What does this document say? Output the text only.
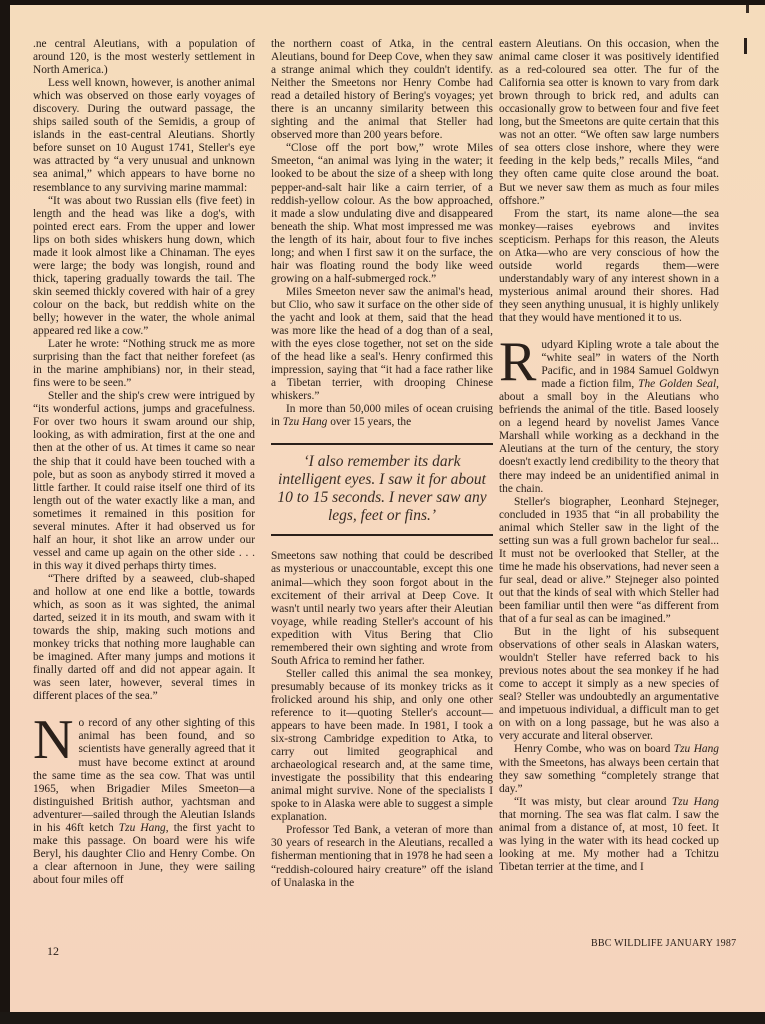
.ne central Aleutians, with a population of around 120, is the most westerly settlement in North America.)

Less well known, however, is another animal which was observed on those early voyages of discovery. During the outward passage, the ships sailed south of the Semidis, a group of islands in the east-central Aleutians. Shortly before sunset on 10 August 1741, Steller's eye was attracted by “a very unusual and unknown sea animal,” which appears to have borne no resemblance to any surviving marine mammal:

“It was about two Russian ells (five feet) in length and the head was like a dog's, with pointed erect ears. From the upper and lower lips on both sides whiskers hung down, which made it look almost like a Chinaman. The eyes were large; the body was longish, round and thick, tapering gradually towards the tail. The skin seemed thickly covered with hair of a grey colour on the back, but reddish white on the belly; however in the water, the whole animal appeared red like a cow.”

Later he wrote: “Nothing struck me as more surprising than the fact that neither forefeet (as in the marine amphibians) nor, in their stead, fins were to be seen.”

Steller and the ship's crew were intrigued by “its wonderful actions, jumps and gracefulness. For over two hours it swam around our ship, looking, as with admiration, first at the one and then at the other of us. At times it came so near the ship that it could have been touched with a pole, but as soon as anybody stirred it moved a little farther. It could raise itself one third of its length out of the water exactly like a man, and sometimes it remained in this position for several minutes. After it had observed us for half an hour, it shot like an arrow under our vessel and came up again on the other side . . . in this way it dived perhaps thirty times.

“There drifted by a seaweed, club-shaped and hollow at one end like a bottle, towards which, as soon as it was sighted, the animal darted, seized it in its mouth, and swam with it towards the ship, making such motions and monkey tricks that nothing more laughable can be imagined. After many jumps and motions it finally darted off and did not appear again. It was seen later, however, several times in different places of the sea.”

No record of any other sighting of this animal has been found, and so scientists have generally agreed that it must have become extinct at around the same time as the sea cow. That was until 1965, when Brigadier Miles Smeeton—a distinguished British author, yachtsman and adventurer—sailed through the Aleutian Islands in his 46ft ketch Tzu Hang, the first yacht to make this passage. On board were his wife Beryl, his daughter Clio and Henry Combe. On a clear afternoon in June, they were sailing about four miles off

the northern coast of Atka, in the central Aleutians, bound for Deep Cove, when they saw a strange animal which they couldn't identify. Neither the Smeetons nor Henry Combe had read a detailed history of Bering's voyages; yet there is an uncanny similarity between this sighting and the animal that Steller had observed more than 200 years before.

“Close off the port bow,” wrote Miles Smeeton, “an animal was lying in the water; it looked to be about the size of a sheep with long pepper-and-salt hair like a cairn terrier, of a reddish-yellow colour. As the bow approached, it made a slow undulating dive and disappeared beneath the ship. What most impressed me was the length of its hair, about four to five inches long; and when I first saw it on the surface, the hair was floating round the body like weed growing on a half-submerged rock.”

Miles Smeeton never saw the animal's head, but Clio, who saw it surface on the other side of the yacht and look at them, said that the head was more like the head of a dog than of a seal, with the eyes close together, not set on the side of the head like a seal's. Henry confirmed this impression, saying that “it had a face rather like a Tibetan terrier, with drooping Chinese whiskers.”

In more than 50,000 miles of ocean cruising in Tzu Hang over 15 years, the

‘I also remember its dark intelligent eyes. I saw it for about 10 to 15 seconds. I never saw any legs, feet or fins.’

Smeetons saw nothing that could be described as mysterious or unaccountable, except this one animal—which they soon forgot about in the excitement of their arrival at Deep Cove. It wasn't until nearly two years after their Aleutian voyage, while reading Steller's account of his expedition with Vitus Bering that Clio remembered their own sighting and wrote from South Africa to remind her father.

Steller called this animal the sea monkey, presumably because of its monkey tricks as it frolicked around his ship, and only one other reference to it—quoting Steller's account—appears to have been made. In 1981, I took a six-strong Cambridge expedition to Atka, to carry out limited geographical and archaeological research and, at the same time, investigate the possibility that this endearing animal might survive. None of the specialists I spoke to in Alaska were able to suggest a simple explanation.

Professor Ted Bank, a veteran of more than 30 years of research in the Aleutians, recalled a fisherman mentioning that in 1978 he had seen a “reddish-coloured hairy creature” off the island of Unalaska in the

eastern Aleutians. On this occasion, when the animal came closer it was positively identified as a red-coloured sea otter. The fur of the California sea otter is known to vary from dark brown through to brick red, and adults can occasionally grow to between four and five feet long, but the Smeetons are quite certain that this was not an otter. “We often saw large numbers of sea otters close inshore, where they were feeding in the kelp beds,” recalls Miles, “and they often came quite close around the boat. But we never saw them as much as four miles offshore.”

From the start, its name alone—the sea monkey—raises eyebrows and invites scepticism. Perhaps for this reason, the Aleuts on Atka—who are very conscious of how the outside world regards them—were understandably wary of any interest shown in a mysterious animal around their shores. Had they seen anything unusual, it is highly unlikely that they would have mentioned it to us.

Rudyard Kipling wrote a tale about the “white seal” in waters of the North Pacific, and in 1984 Samuel Goldwyn made a fiction film, The Golden Seal, about a small boy in the Aleutians who befriends the animal of the title. Based loosely on a legend heard by novelist James Vance Marshall while working as a deckhand in the Aleutians at the turn of the century, the story doesn't exactly lend credibility to the theory that there may indeed be an unidentified animal in the chain.

Steller's biographer, Leonhard Stejneger, concluded in 1935 that “in all probability the animal which Steller saw in the light of the setting sun was a full grown bachelor fur seal... It must not be overlooked that Steller, at the time he made his observations, had never seen a fur seal, dead or alive.” Stejneger also pointed out that the kinds of seal with which Steller had been familiar until then were “as different from that of a fur seal as can be imagined.”

But in the light of his subsequent observations of other seals in Alaskan waters, wouldn't Steller have referred back to his previous notes about the sea monkey if he had come to accept it simply as a new species of seal? Steller was undoubtedly an argumentative and impetuous individual, a difficult man to get on with on a long passage, but he was also a very accurate and literal observer.

Henry Combe, who was on board Tzu Hang with the Smeetons, has always been certain that they saw something “completely strange that day.”

“It was misty, but clear around Tzu Hang that morning. The sea was flat calm. I saw the animal from a distance of, at most, 10 feet. It was lying in the water with its head cocked up looking at me. My mother had a Tchitzu Tibetan terrier at the time, and I

12
BBC WILDLIFE JANUARY 1987
